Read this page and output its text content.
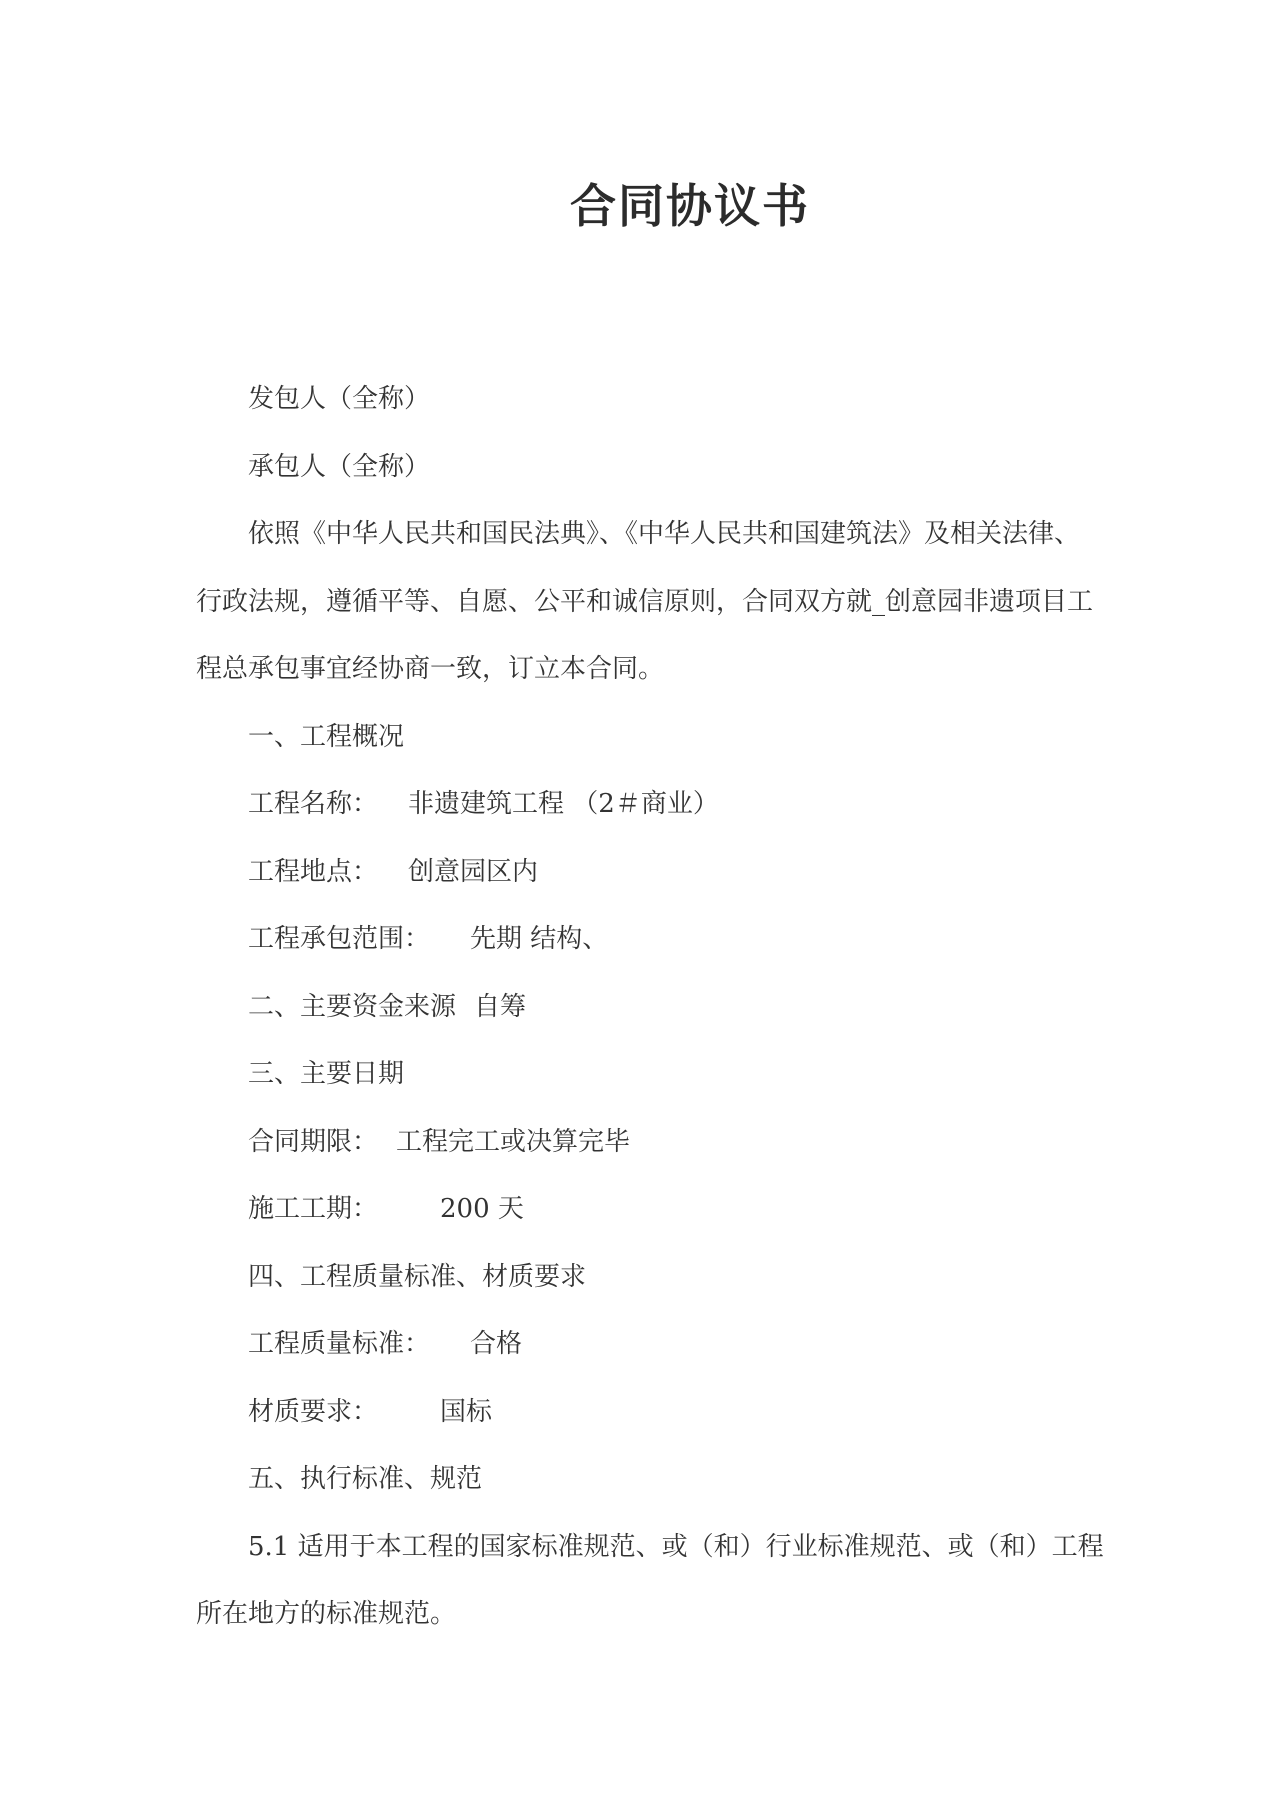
合同协议书
发包人（全称）
承包人（全称）
依照《中华人民共和国民法典》、《中华人民共和国建筑法》及相关法律、
行政法规，遵循平等、自愿、公平和诚信原则，合同双方就_创意园非遗项目工
程总承包事宜经协商一致，订立本合同。
一、工程概况
工程名称： 非遗建筑工程 （2＃商业）
工程地点： 创意园区内
工程承包范围： 先期 结构、
二、主要资金来源 自筹
三、主要日期
合同期限： 工程完工或决算完毕
施工工期： 200 天
四、工程质量标准、材质要求
工程质量标准： 合格
材质要求： 国标
五、执行标准、规范
5.1 适用于本工程的国家标准规范、或（和）行业标准规范、或（和）工程
所在地方的标准规范。
